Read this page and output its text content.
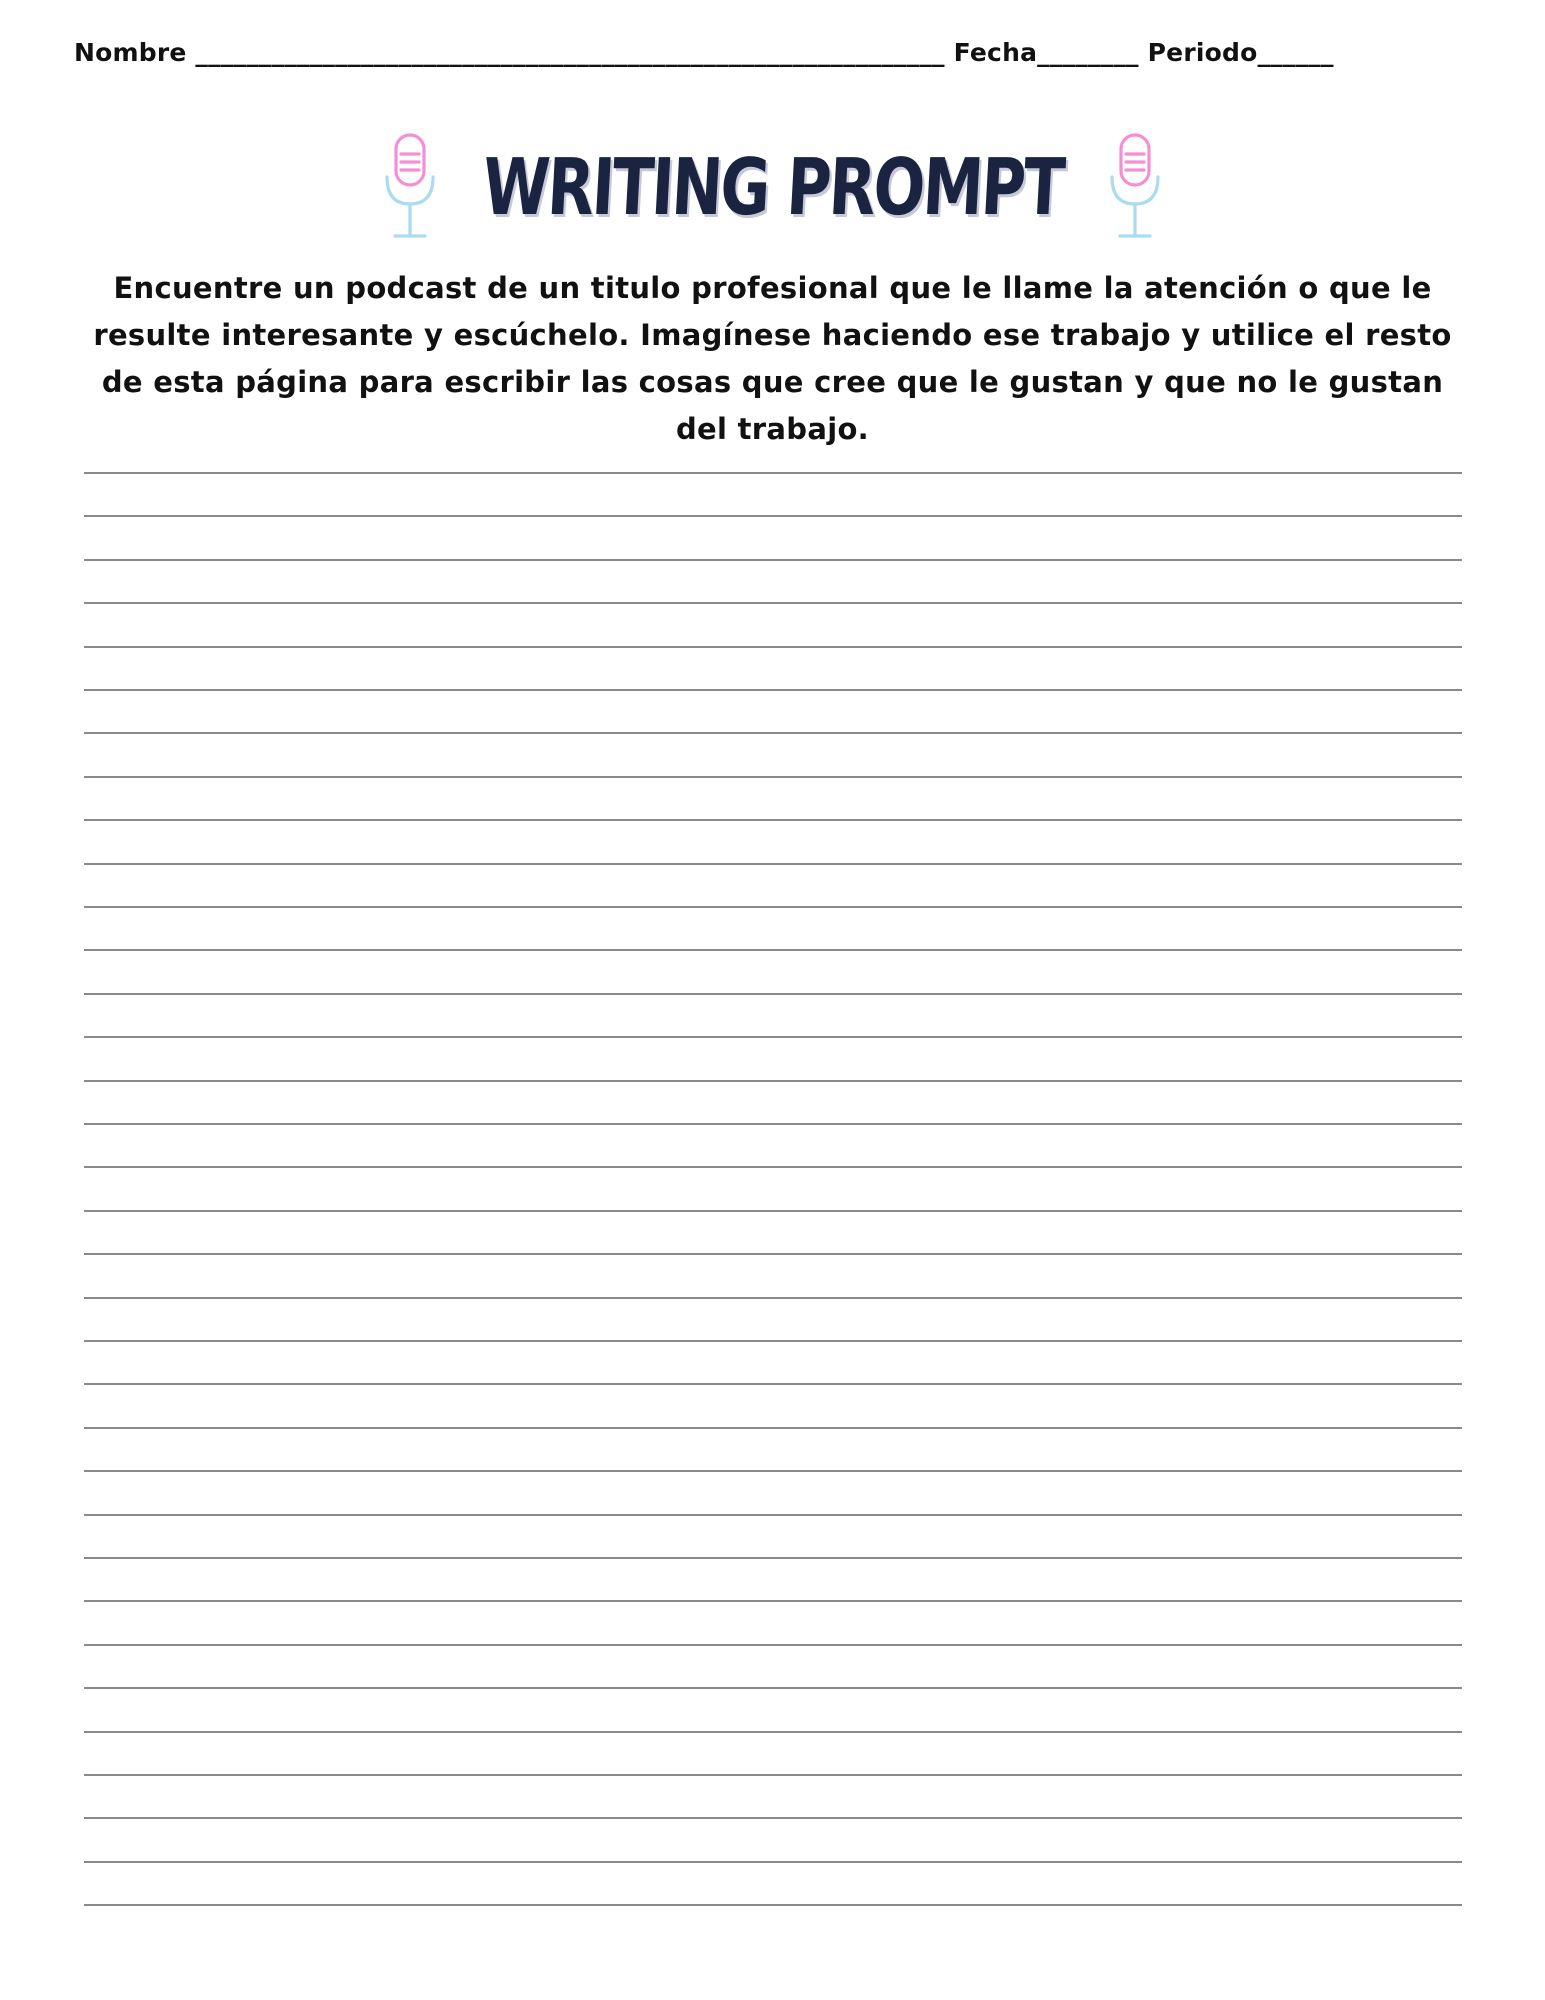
Nombre ___________________________________________________________ Fecha________ Periodo______
WRITING PROMPT
Encuentre un podcast de un titulo profesional que le llame la atención o que le resulte interesante y escúchelo. Imagínese haciendo ese trabajo y utilice el resto de esta página para escribir las cosas que cree que le gustan y que no le gustan del trabajo.
